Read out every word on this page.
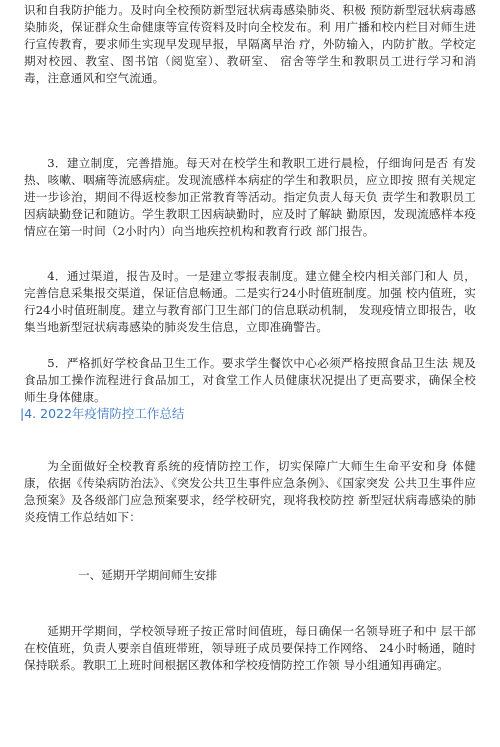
识和自我防护能力。及时向全校预防新型冠状病毒感染肺炎、积极 预防新型冠状病毒感染肺炎，保证群众生命健康等宣传资料及时向全校发布。利 用广播和校内栏目对师生进行宣传教育，要求师生实现早发现早报，早隔离早治 疗，外防输入，内防扩散。学校定期对校园、教室、图书馆（阅览室）、教研室、 宿舍等学生和教职员工进行学习和消毒，注意通风和空气流通。

3．建立制度，完善措施。每天对在校学生和教职工进行晨检，仔细询问是否 有发热、咳嗽、咽痛等流感病症。发现流感样本病症的学生和教职员，应立即按 照有关规定进一步诊治，期间不得返校参加正常教育等活动。指定负责人每天负 责学生和教职员工因病缺勤登记和随访。学生教职工因病缺勤时，应及时了解缺 勤原因，发现流感样本疫情应在第一时间（2小时内）向当地疾控机构和教育行政 部门报告。

4．通过渠道，报告及时。一是建立零报表制度。建立健全校内相关部门和人 员，完善信息采集报交渠道，保证信息畅通。二是实行24小时值班制度。加强 校内值班，实行24小时值班制度。建立与教育部门卫生部门的信息联动机制， 发现疫情立即报告，收集当地新型冠状病毒感染的肺炎发生信息，立即准确警告。

5．严格抓好学校食品卫生工作。要求学生餐饮中心必须严格按照食品卫生法 规及食品加工操作流程进行食品加工，对食堂工作人员健康状况提出了更高要求，确保全校师生身体健康。

|4. 2022年疫情防控工作总结

为全面做好全校教育系统的疫情防控工作，切实保障广大师生生命平安和身 体健康，依据《传染病防治法》、《突发公共卫生事件应急条例》、《国家突发 公共卫生事件应急预案》及各级部门应急预案要求，经学校研究，现将我校防控 新型冠状病毒感染的肺炎疫情工作总结如下：

一、延期开学期间师生安排

延期开学期间，学校领导班子按正常时间值班，每日确保一名领导班子和中 层干部在校值班，负责人要亲自值班带班，领导班子成员要保持工作网络、 24小时畅通，随时保持联系。教职工上班时间根据区教体和学校疫情防控工作领 导小组通知再确定。
